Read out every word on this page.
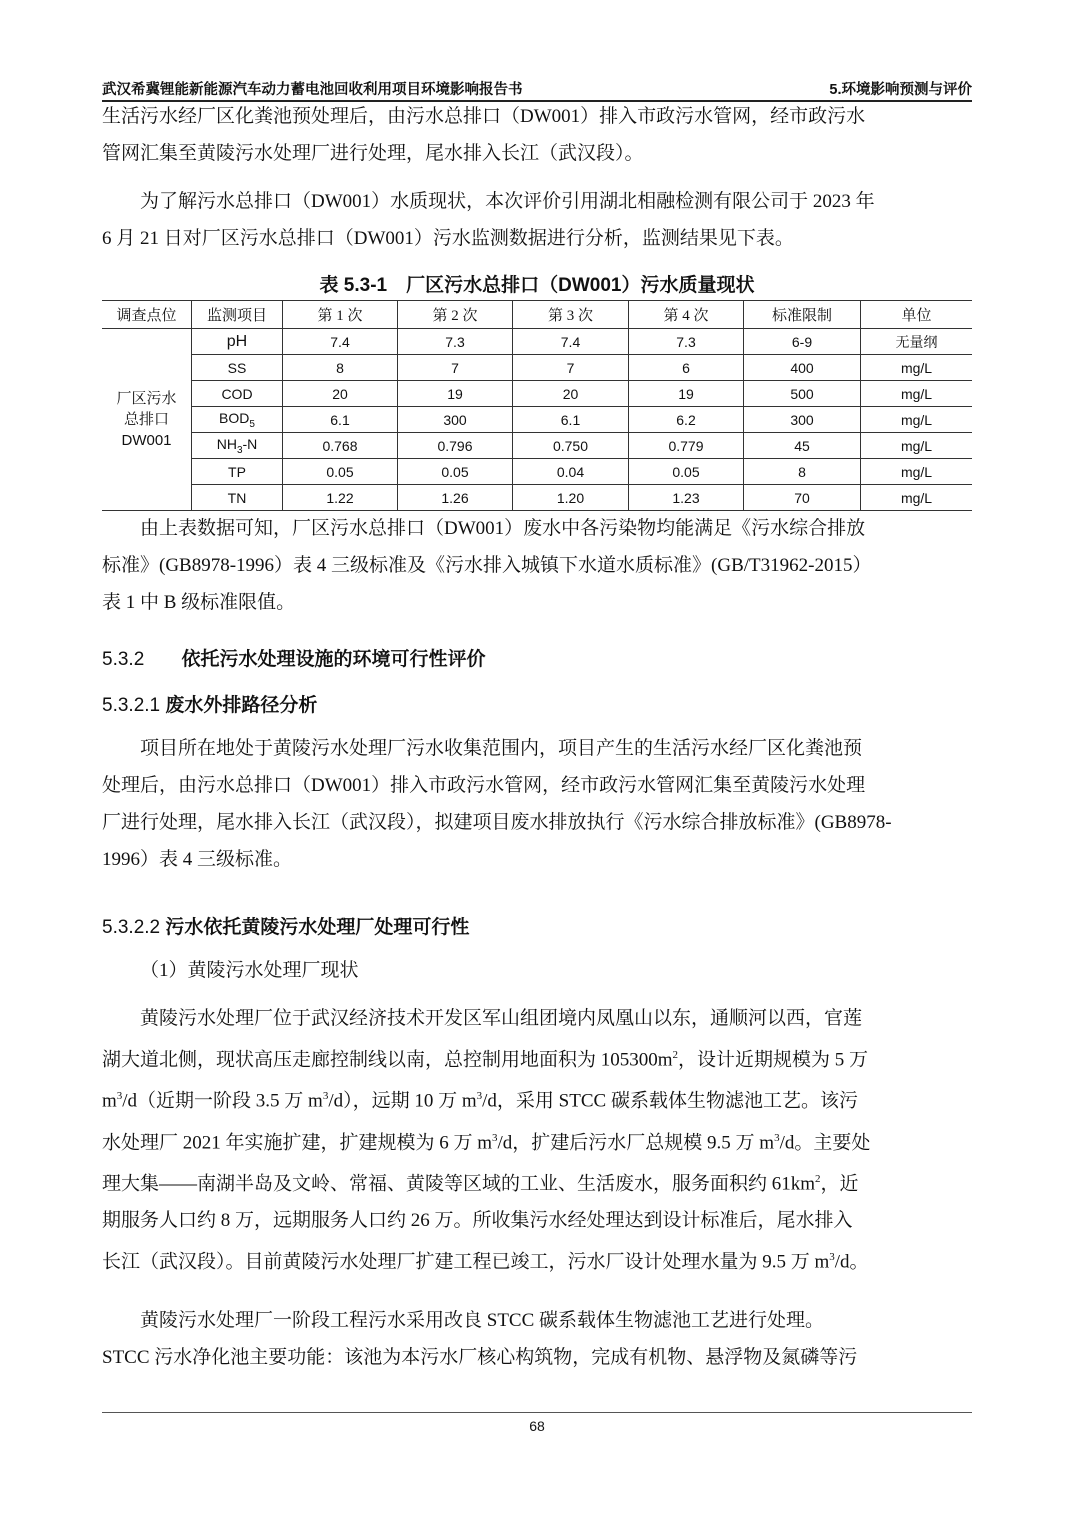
武汉希冀锂能新能源汽车动力蓄电池回收利用项目环境影响报告书	5.环境影响预测与评价
生活污水经厂区化粪池预处理后，由污水总排口（DW001）排入市政污水管网，经市政污水
管网汇集至黄陵污水处理厂进行处理，尾水排入长江（武汉段）。
为了解污水总排口（DW001）水质现状，本次评价引用湖北相融检测有限公司于 2023 年
6 月 21 日对厂区污水总排口（DW001）污水监测数据进行分析，监测结果见下表。
表 5.3-1　厂区污水总排口（DW001）污水质量现状
调查点位	监测项目	第 1 次	第 2 次	第 3 次	第 4 次	标准限制	单位

厂区污水
总排口
DW001	pH	7.4	7.3	7.4	7.3	6-9	无量纲
	SS	8	7	7	6	400	mg/L
	COD	20	19	20	19	500	mg/L
	$BOD_5$	6.1	300	6.1	6.2	300	mg/L
	$NH_3-N$	0.768	0.796	0.750	0.779	45	mg/L
	TP	0.05	0.05	0.04	0.05	8	mg/L
	TN	1.22	1.26	1.20	1.23	70	mg/L
由上表数据可知，厂区污水总排口（DW001）废水中各污染物均能满足《污水综合排放
标准》(GB8978-1996）表 4 三级标准及《污水排入城镇下水道水质标准》(GB/T31962-2015）
表 1 中 B 级标准限值。
5.3.2 依托污水处理设施的环境可行性评价
5.3.2.1 废水外排路径分析
项目所在地处于黄陵污水处理厂污水收集范围内，项目产生的生活污水经厂区化粪池预
处理后，由污水总排口（DW001）排入市政污水管网，经市政污水管网汇集至黄陵污水处理
厂进行处理，尾水排入长江（武汉段），拟建项目废水排放执行《污水综合排放标准》(GB8978-
1996）表 4 三级标准。
5.3.2.2 污水依托黄陵污水处理厂处理可行性
（1）黄陵污水处理厂现状
黄陵污水处理厂位于武汉经济技术开发区军山组团境内凤凰山以东，通顺河以西，官莲
湖大道北侧，现状高压走廊控制线以南，总控制用地面积为 $105300m^2$，设计近期规模为 5 万
$m^3/d$（近期一阶段 3.5 万 $m^3/d$），远期 10 万 $m^3/d$，采用 STCC 碳系载体生物滤池工艺。该污
水处理厂 2021 年实施扩建，扩建规模为 6 万 $m^3/d$，扩建后污水厂总规模 9.5 万 $m^3/d$。主要处
理大集——南湖半岛及文岭、常福、黄陵等区域的工业、生活废水，服务面积约 $61km^2$，近
期服务人口约 8 万，远期服务人口约 26 万。所收集污水经处理达到设计标准后，尾水排入
长江（武汉段）。目前黄陵污水处理厂扩建工程已竣工，污水厂设计处理水量为 9.5 万 $m^3/d$。
黄陵污水处理厂一阶段工程污水采用改良 STCC 碳系载体生物滤池工艺进行处理。
STCC 污水净化池主要功能：该池为本污水厂核心构筑物，完成有机物、悬浮物及氮磷等污
68
